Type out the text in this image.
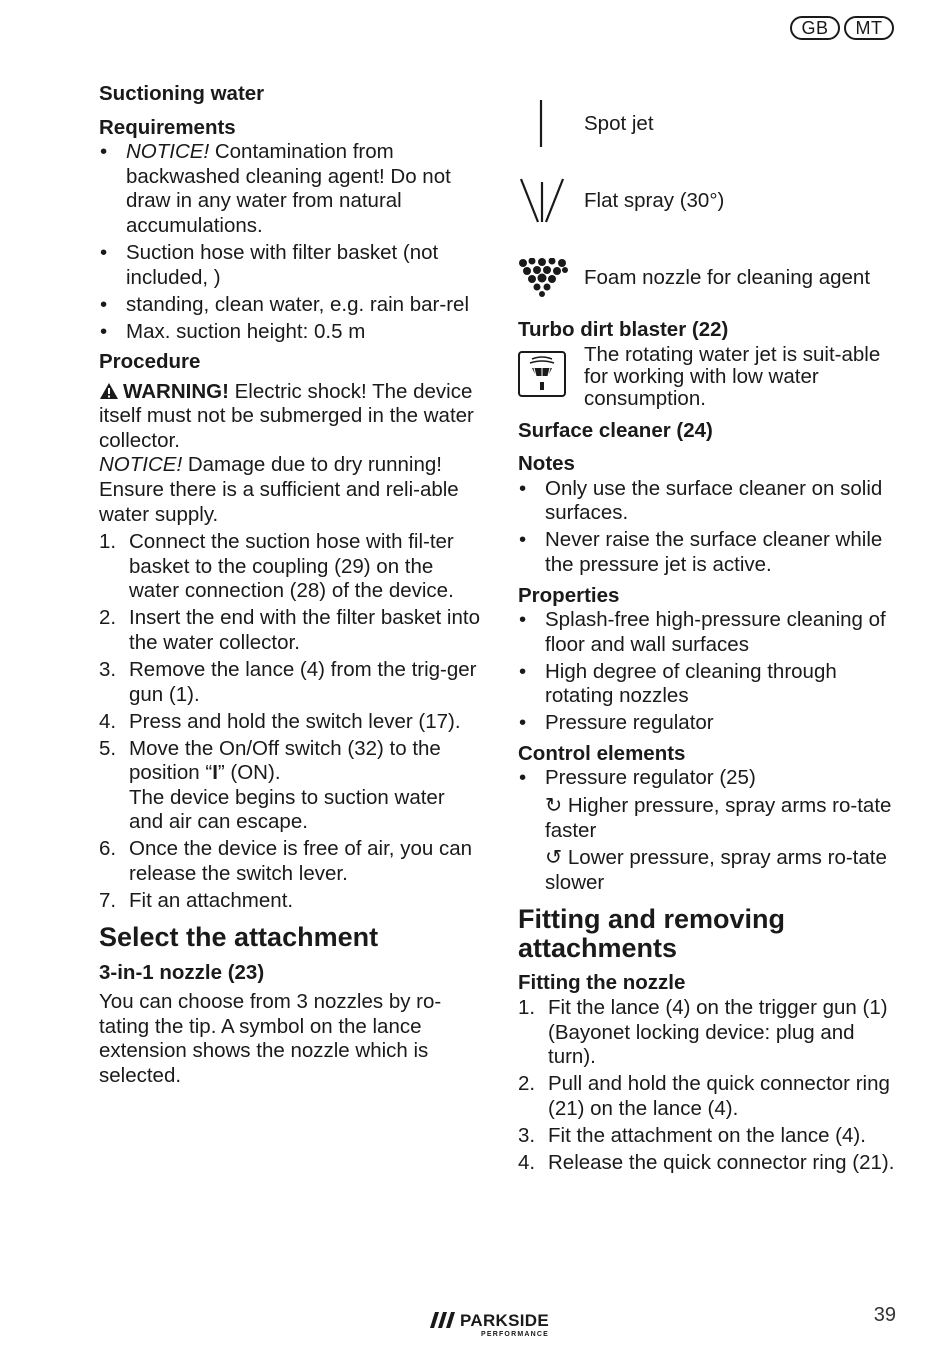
GB	MT

Suctioning water

Requirements

• NOTICE! Contamination from backwashed cleaning agent! Do not draw in any water from natural accumulations.
• Suction hose with filter basket (not included, )
• standing, clean water, e.g. rain bar-rel
• Max. suction height: 0.5 m

Procedure

WARNING! Electric shock! The device itself must not be submerged in the water collector.

NOTICE! Damage due to dry running! Ensure there is a sufficient and reli-able water supply.

1. Connect the suction hose with fil-ter basket to the coupling (29) on the water connection (28) of the device.
2. Insert the end with the filter basket into the water collector.
3. Remove the lance (4) from the trig-ger gun (1).
4. Press and hold the switch lever (17).
5. Move the On/Off switch (32) to the position “I” (ON).
The device begins to suction water and air can escape.
6. Once the device is free of air, you can release the switch lever.
7. Fit an attachment.
Select the attachment

3-in-1 nozzle (23)

You can choose from 3 nozzles by ro-tating the tip. A symbol on the lance extension shows the nozzle which is selected.

Spot jet
Flat spray (30°)
Foam nozzle for cleaning agent

Turbo dirt blaster (22)

The rotating water jet is suit-able for working with low water consumption.

Surface cleaner (24)

Notes

• Only use the surface cleaner on solid surfaces.
• Never raise the surface cleaner while the pressure jet is active.

Properties

• Splash-free high-pressure cleaning of floor and wall surfaces
• High degree of cleaning through rotating nozzles
• Pressure regulator

Control elements

• Pressure regulator (25)
↻ Higher pressure, spray arms ro-tate faster
↺ Lower pressure, spray arms ro-tate slower
Fitting and removing attachments

Fitting the nozzle

1. Fit the lance (4) on the trigger gun (1) (Bayonet locking device: plug and turn).
2. Pull and hold the quick connector ring (21) on the lance (4).
3. Fit the attachment on the lance (4).
4. Release the quick connector ring (21).
PARKSIDE
PERFORMANCE
39
